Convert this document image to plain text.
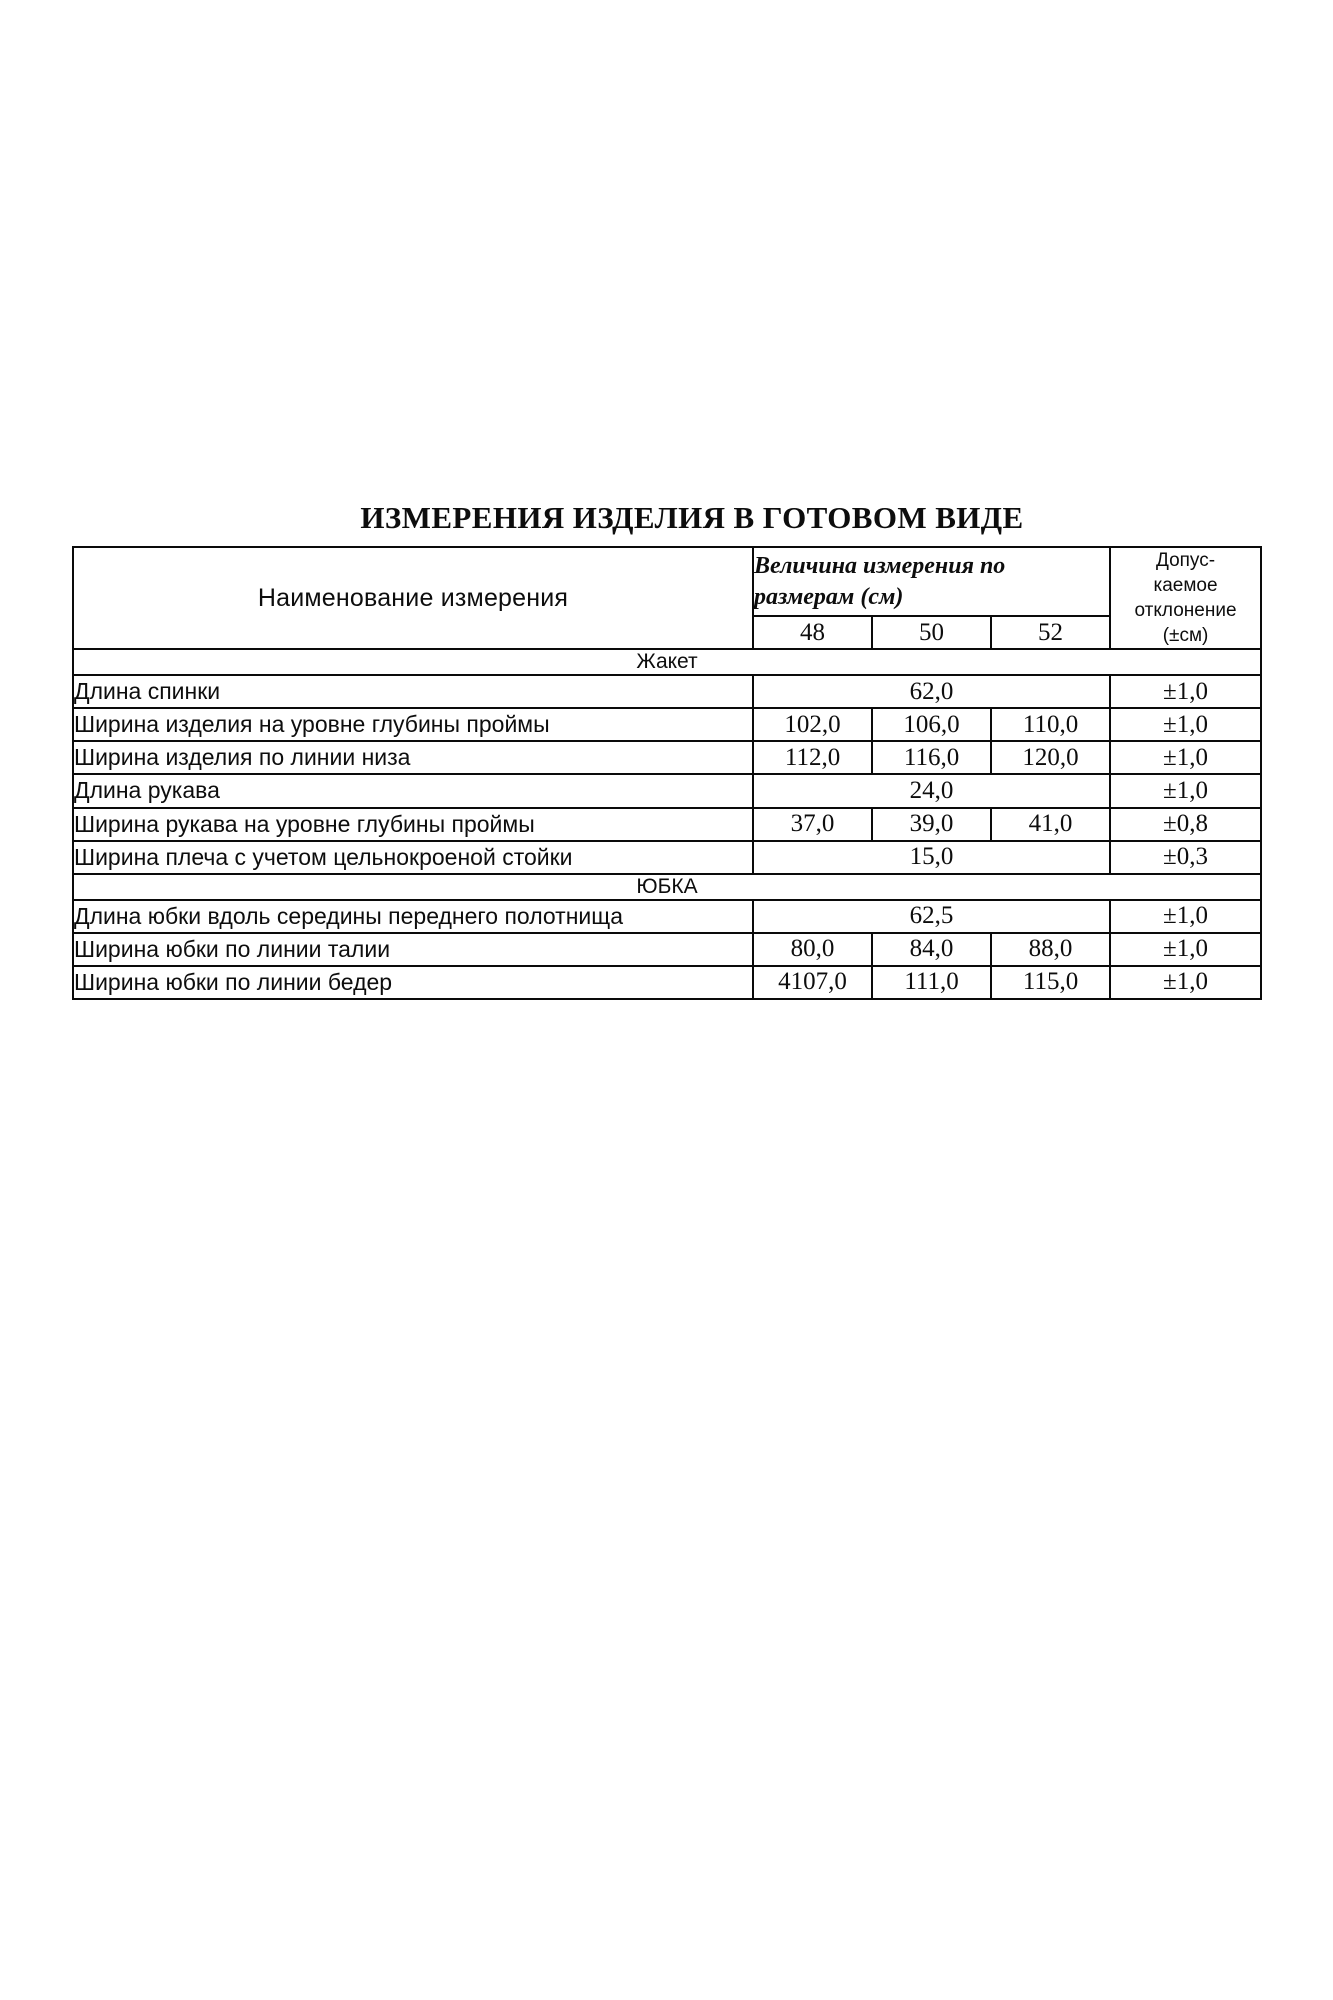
ИЗМЕРЕНИЯ ИЗДЕЛИЯ В ГОТОВОМ ВИДЕ
Наименование измерения	Величина измерения по размерам (см)			Допус-
каемое
отклонение
(±см)

	48	50	52	
Жакет				
Длина спинки	62,0			±1,0
Ширина изделия на уровне глубины проймы	102,0	106,0	110,0	±1,0
Ширина изделия по линии низа	112,0	116,0	120,0	±1,0
Длина рукава	24,0			±1,0
Ширина рукава на уровне глубины проймы	37,0	39,0	41,0	±0,8
Ширина плеча с учетом цельнокроеной стойки	15,0			±0,3
ЮБКА				
Длина юбки вдоль середины переднего полотнища	62,5			±1,0
Ширина юбки по линии талии	80,0	84,0	88,0	±1,0
Ширина юбки по линии бедер	4107,0	111,0	115,0	±1,0
